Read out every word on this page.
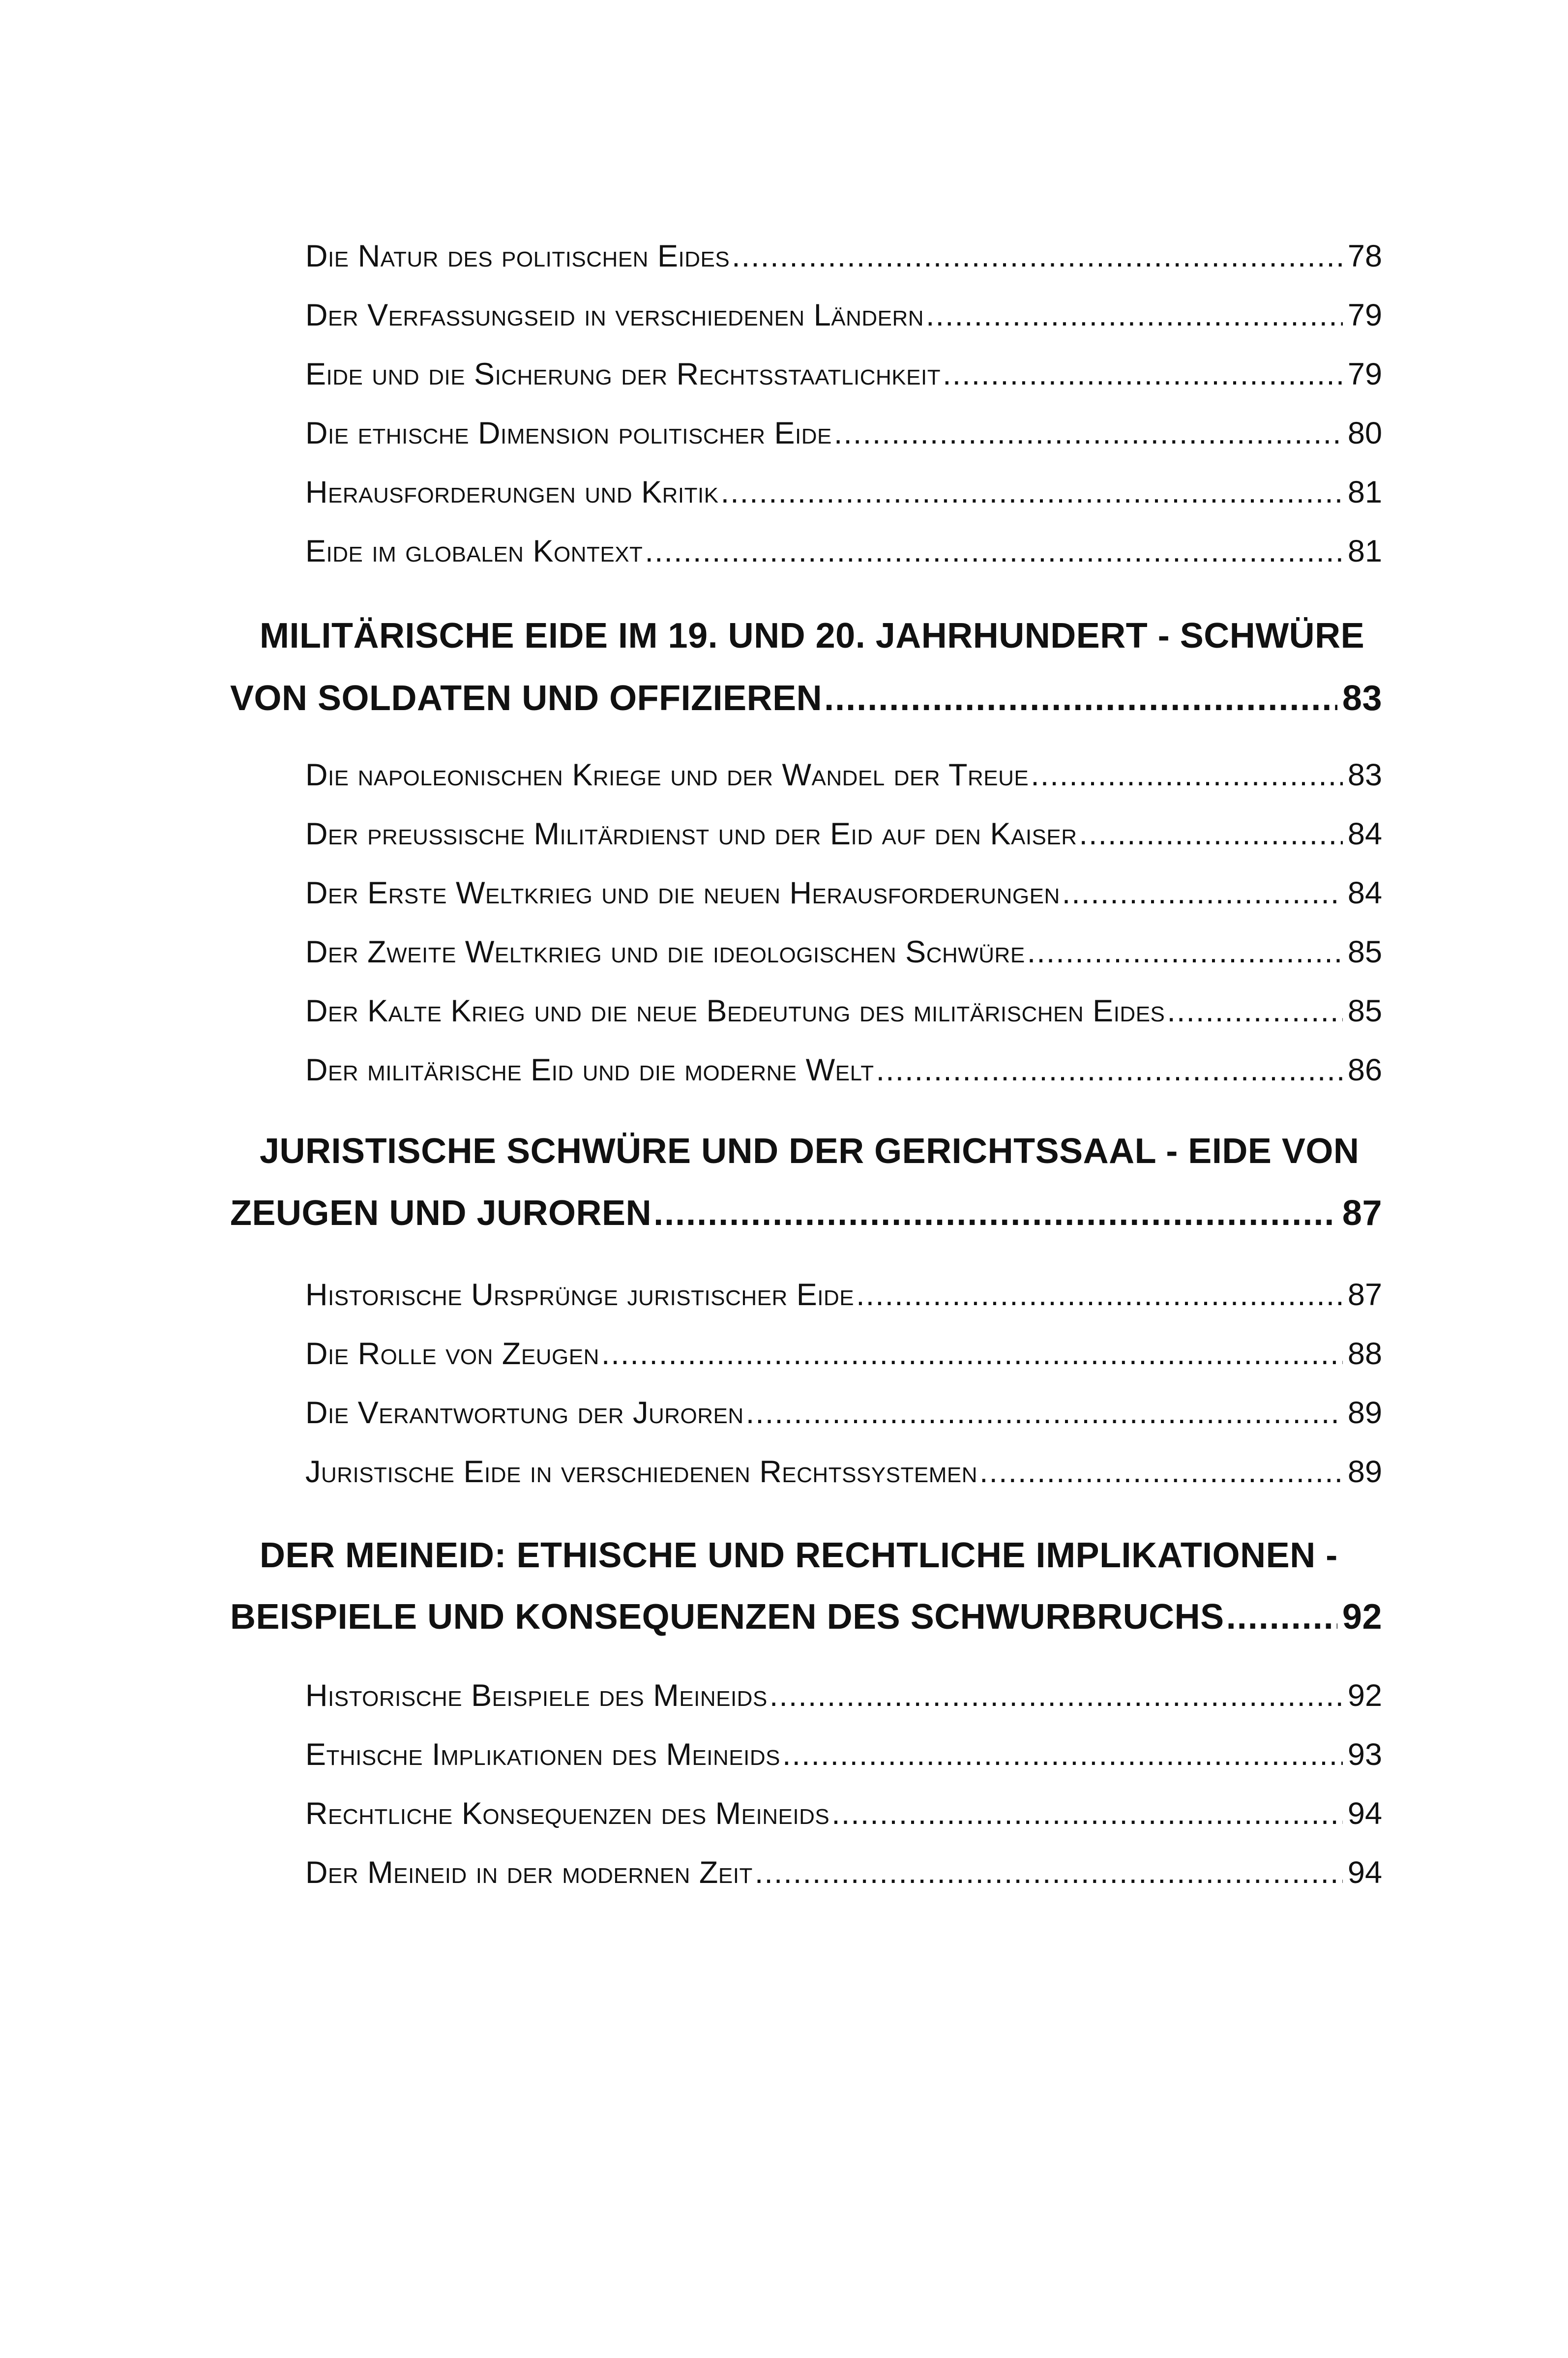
Die Natur des politischen Eides .....	78
Der Verfassungseid in verschiedenen Ländern .....	79
Eide und die Sicherung der Rechtsstaatlichkeit .....	79
Die ethische Dimension politischer Eide .....	80
Herausforderungen und Kritik .....	81
Eide im globalen Kontext .....	81
MILITÄRISCHE EIDE IM 19. UND 20. JAHRHUNDERT - SCHWÜRE
VON SOLDATEN UND OFFIZIEREN .....	83
Die napoleonischen Kriege und der Wandel der Treue .....	83
Der preußische Militärdienst und der Eid auf den Kaiser .....	84
Der Erste Weltkrieg und die neuen Herausforderungen .....	84
Der Zweite Weltkrieg und die ideologischen Schwüre .....	85
Der Kalte Krieg und die neue Bedeutung des militärischen Eides .....	85
Der militärische Eid und die moderne Welt .....	86
JURISTISCHE SCHWÜRE UND DER GERICHTSSAAL - EIDE VON
ZEUGEN UND JUROREN .....	87
Historische Ursprünge juristischer Eide .....	87
Die Rolle von Zeugen .....	88
Die Verantwortung der Juroren .....	89
Juristische Eide in verschiedenen Rechtssystemen .....	89
DER MEINEID: ETHISCHE UND RECHTLICHE IMPLIKATIONEN -
BEISPIELE UND KONSEQUENZEN DES SCHWURBRUCHS .....	92
Historische Beispiele des Meineids .....	92
Ethische Implikationen des Meineids .....	93
Rechtliche Konsequenzen des Meineids .....	94
Der Meineid in der modernen Zeit .....	94
